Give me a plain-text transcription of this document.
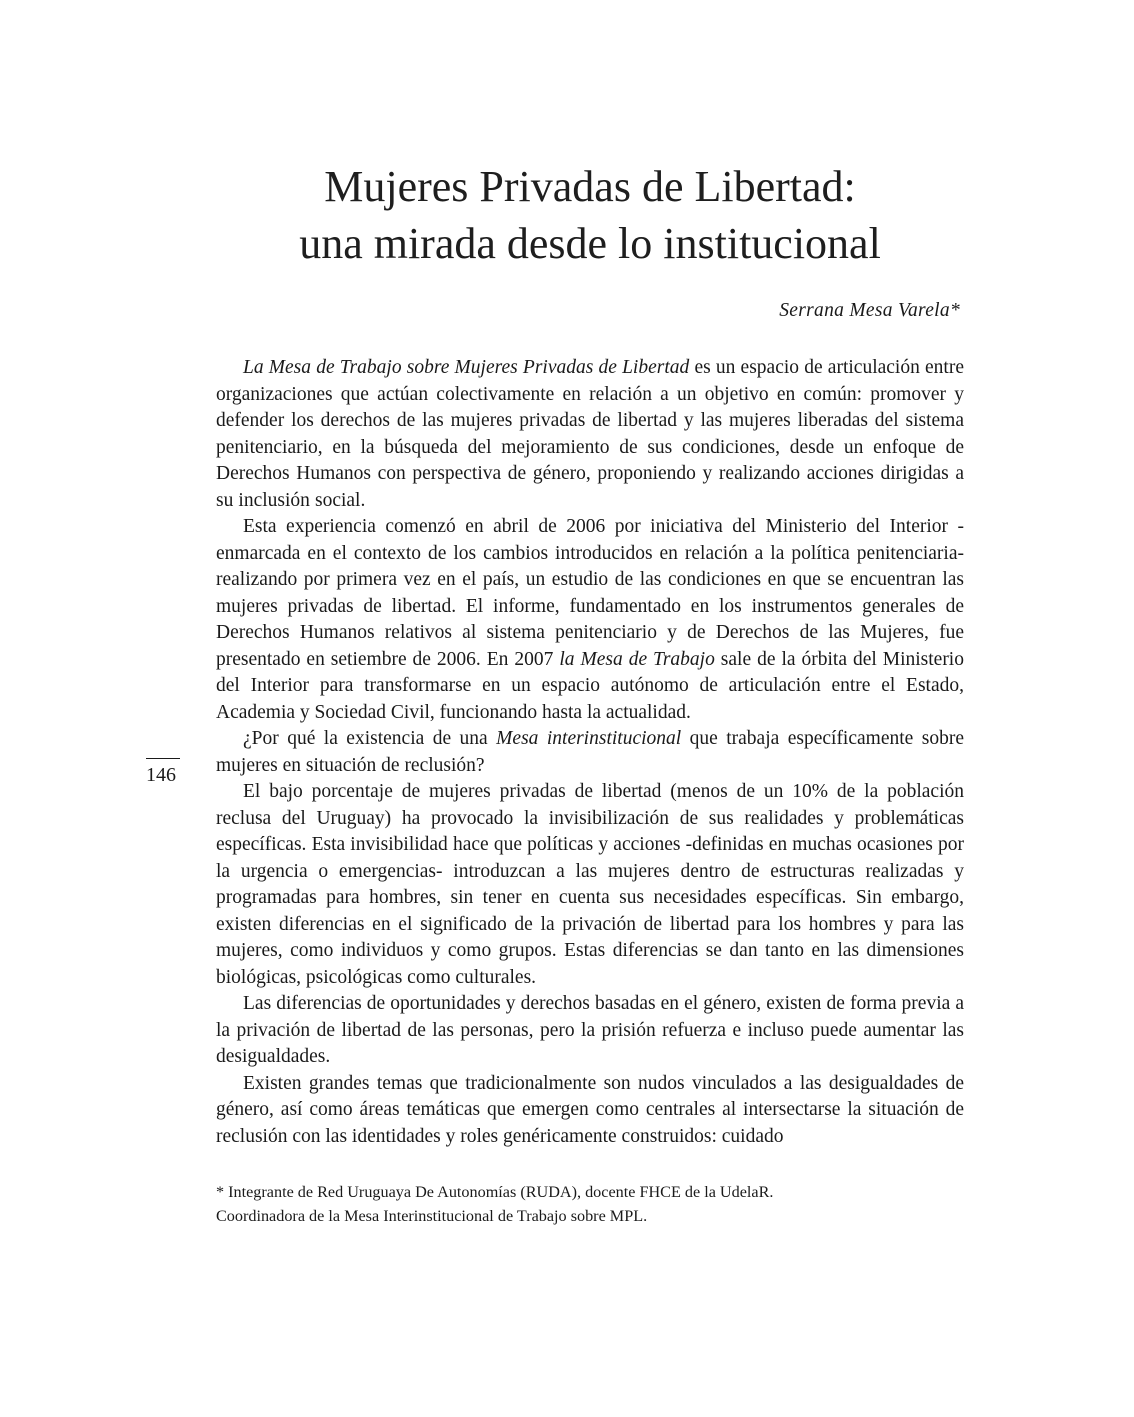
Mujeres Privadas de Libertad:
una mirada desde lo institucional
Serrana Mesa Varela*

La Mesa de Trabajo sobre Mujeres Privadas de Libertad es un espacio de articulación entre organizaciones que actúan colectivamente en relación a un objetivo en común: promover y defender los derechos de las mujeres privadas de libertad y las mujeres liberadas del sistema penitenciario, en la búsqueda del mejoramiento de sus condiciones, desde un enfoque de Derechos Humanos con perspectiva de género, proponiendo y realizando acciones dirigidas a su inclusión social.

Esta experiencia comenzó en abril de 2006 por iniciativa del Ministerio del Interior -enmarcada en el contexto de los cambios introducidos en relación a la política penitenciaria- realizando por primera vez en el país, un estudio de las condiciones en que se encuentran las mujeres privadas de libertad. El informe, fundamentado en los instrumentos generales de Derechos Humanos relativos al sistema penitenciario y de Derechos de las Mujeres, fue presentado en setiembre de 2006. En 2007 la Mesa de Trabajo sale de la órbita del Ministerio del Interior para transformarse en un espacio autónomo de articulación entre el Estado, Academia y Sociedad Civil, funcionando hasta la actualidad.

¿Por qué la existencia de una Mesa interinstitucional que trabaja específicamente sobre mujeres en situación de reclusión?

El bajo porcentaje de mujeres privadas de libertad (menos de un 10% de la población reclusa del Uruguay) ha provocado la invisibilización de sus realidades y problemáticas específicas. Esta invisibilidad hace que políticas y acciones -definidas en muchas ocasiones por la urgencia o emergencias- introduzcan a las mujeres dentro de estructuras realizadas y programadas para hombres, sin tener en cuenta sus necesidades específicas. Sin embargo, existen diferencias en el significado de la privación de libertad para los hombres y para las mujeres, como individuos y como grupos. Estas diferencias se dan tanto en las dimensiones biológicas, psicológicas como culturales.

Las diferencias de oportunidades y derechos basadas en el género, existen de forma previa a la privación de libertad de las personas, pero la prisión refuerza e incluso puede aumentar las desigualdades.

Existen grandes temas que tradicionalmente son nudos vinculados a las desigualdades de género, así como áreas temáticas que emergen como centrales al intersectarse la situación de reclusión con las identidades y roles genéricamente construidos: cuidado

146
* Integrante de Red Uruguaya De Autonomías (RUDA), docente FHCE de la UdelaR.
Coordinadora de la Mesa Interinstitucional de Trabajo sobre MPL.
